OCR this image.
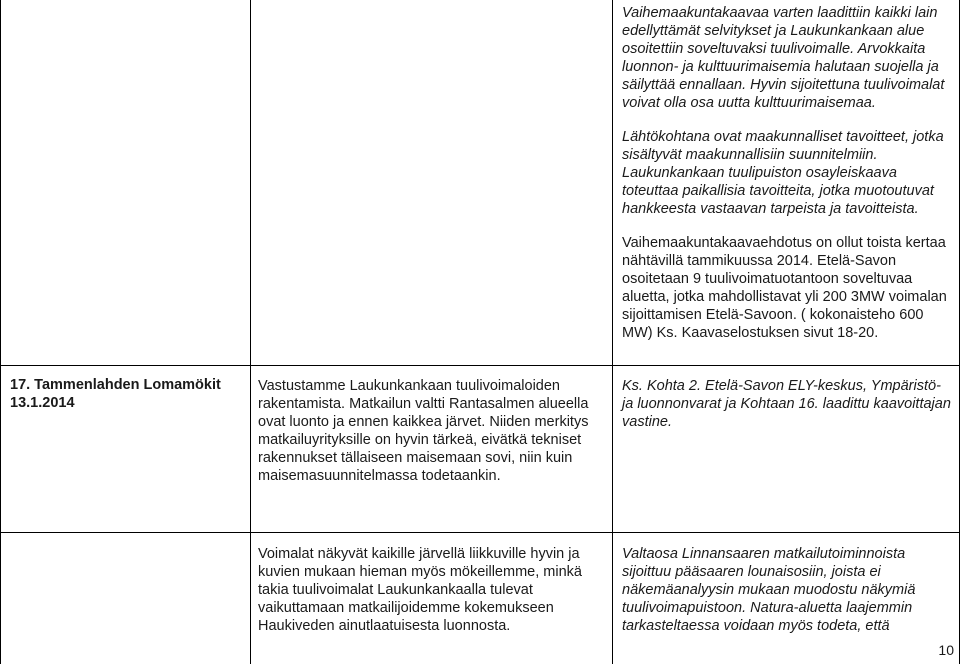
Vaihemaakuntakaavaa varten laadittiin kaikki lain edellyttämät selvitykset ja Laukunkankaan alue osoitettiin soveltuvaksi tuulivoimalle. Arvokkaita luonnon- ja kulttuurimaisemia halutaan suojella ja säilyttää ennallaan. Hyvin sijoitettuna tuulivoimalat voivat olla osa uutta kulttuurimaisemaa.

Lähtökohtana ovat maakunnalliset tavoitteet, jotka sisältyvät maakunnallisiin suunnitelmiin. Laukunkankaan tuulipuiston osayleiskaava toteuttaa paikallisia tavoitteita, jotka muotoutuvat hankkeesta vastaavan tarpeista ja tavoitteista.

Vaihemaakuntakaavaehdotus on ollut toista kertaa nähtävillä tammikuussa 2014. Etelä-Savon osoitetaan 9 tuulivoimatuotantoon soveltuvaa aluetta, jotka mahdollistavat yli 200 3MW voimalan sijoittamisen Etelä-Savoon. ( kokonaisteho 600 MW) Ks. Kaavaselostuksen sivut 18-20.

17. Tammenlahden Lomamökit 13.1.2014
Vastustamme Laukunkankaan tuulivoimaloiden rakentamista. Matkailun valtti Rantasalmen alueella ovat luonto ja ennen kaikkea järvet. Niiden merkitys matkailuyrityksille on hyvin tärkeä, eivätkä tekniset rakennukset tällaiseen maisemaan sovi, niin kuin maisemasuunnitelmassa todetaankin.
Ks. Kohta 2. Etelä-Savon ELY-keskus, Ympäristö- ja luonnonvarat ja Kohtaan 16. laadittu kaavoittajan vastine.
Voimalat näkyvät kaikille järvellä liikkuville hyvin ja kuvien mukaan hieman myös mökeillemme, minkä takia tuulivoimalat Laukunkankaalla tulevat vaikuttamaan matkailijoidemme kokemukseen Haukiveden ainutlaatuisesta luonnosta.
Valtaosa Linnansaaren matkailutoiminnoista sijoittuu pääsaaren lounaisosiin, joista ei näkemäanalyysin mukaan muodostu näkymiä tuulivoimapuistoon. Natura-aluetta laajemmin tarkasteltaessa voidaan myös todeta, että
10
